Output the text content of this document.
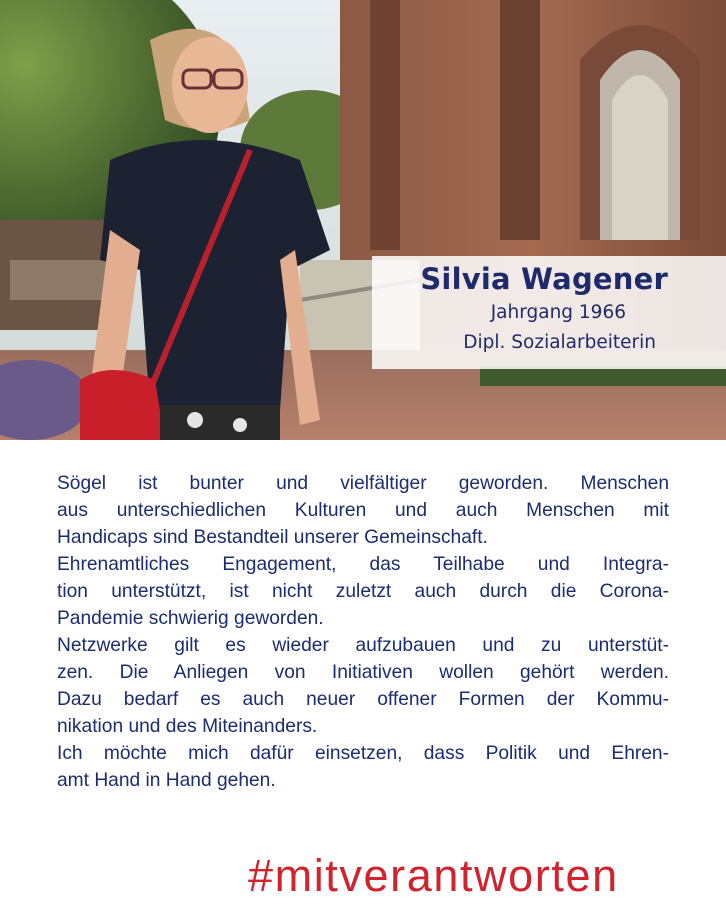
Silvia Wagener
Jahrgang 1966
Dipl. Sozialarbeiterin
Sögel ist bunter und vielfältiger geworden. Menschen
aus unterschiedlichen Kulturen und auch Menschen mit
Handicaps sind Bestandteil unserer Gemeinschaft.
Ehrenamtliches Engagement, das Teilhabe und Integra-
tion unterstützt, ist nicht zuletzt auch durch die Corona-
Pandemie schwierig geworden.
Netzwerke gilt es wieder aufzubauen und zu unterstüt-
zen. Die Anliegen von Initiativen wollen gehört werden.
Dazu bedarf es auch neuer offener Formen der Kommu-
nikation und des Miteinanders.
Ich möchte mich dafür einsetzen, dass Politik und Ehren-
amt Hand in Hand gehen.
#mitverantworten
